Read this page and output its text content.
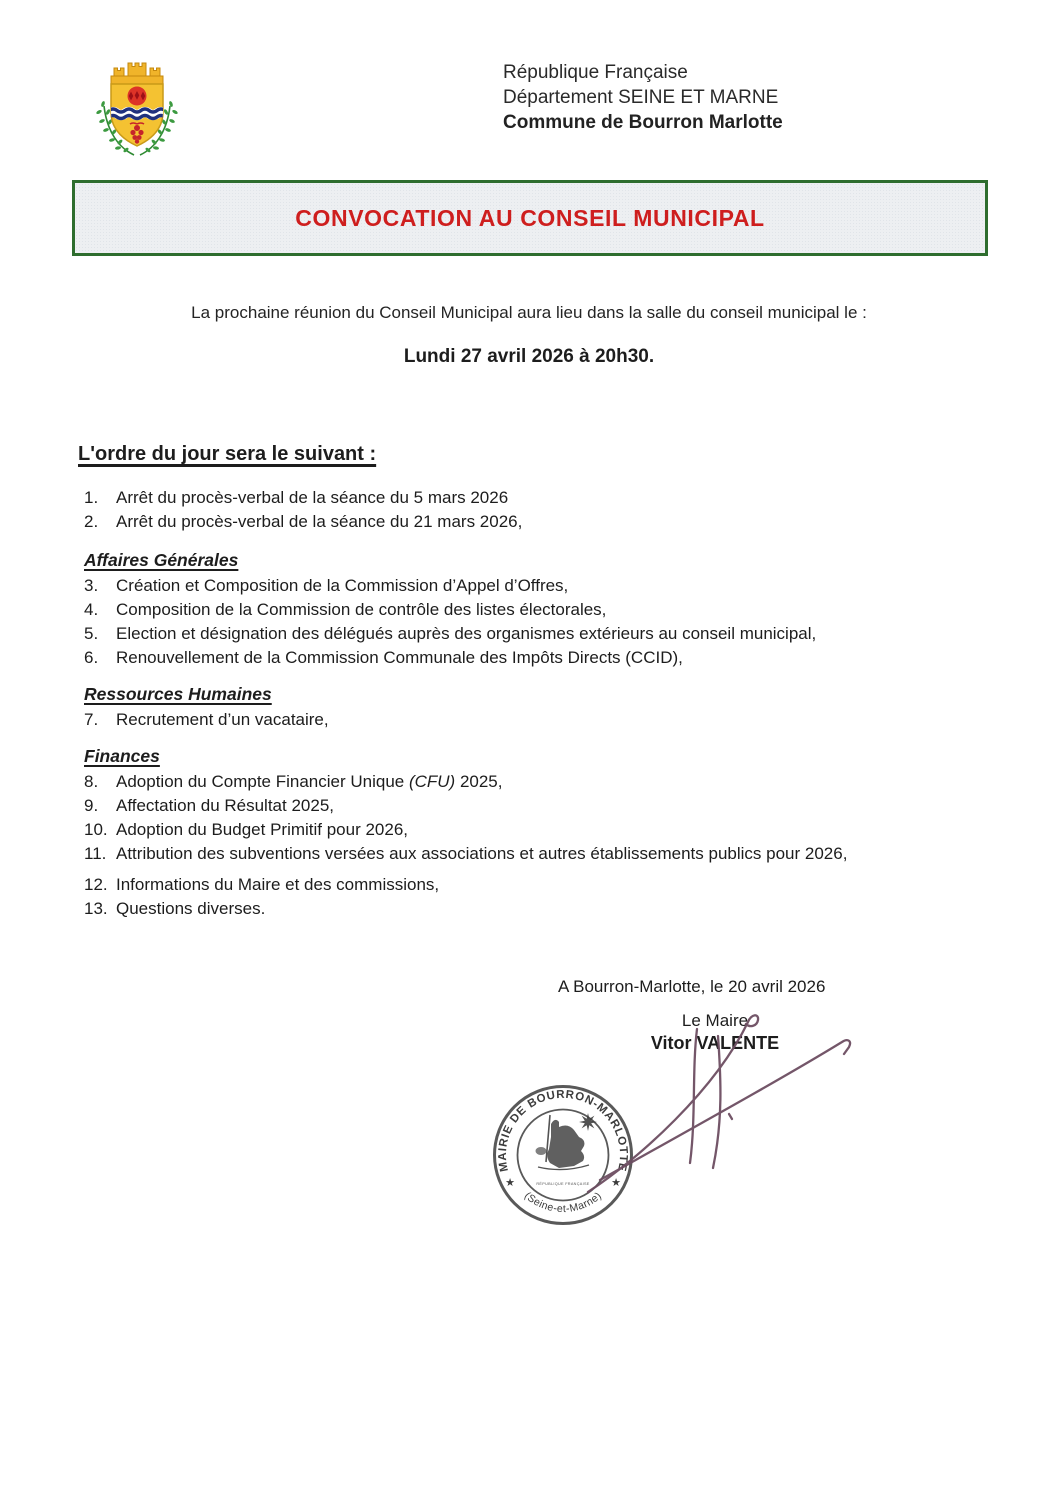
République Française
Département SEINE ET MARNE
Commune de Bourron Marlotte
CONVOCATION AU CONSEIL MUNICIPAL
La prochaine réunion du Conseil Municipal aura lieu dans la salle du conseil municipal le :
Lundi 27 avril 2026 à 20h30.
L'ordre du jour sera le suivant :
1.	Arrêt du procès-verbal de la séance du 5 mars 2026
2.	Arrêt du procès-verbal de la séance du 21 mars 2026,
Affaires Générales
3.	Création et Composition de la Commission d’Appel d’Offres,
4.	Composition de la Commission de contrôle des listes électorales,
5.	Election et désignation des délégués auprès des organismes extérieurs au conseil municipal,
6.	Renouvellement de la Commission Communale des Impôts Directs (CCID),
Ressources Humaines
7.	Recrutement d’un vacataire,
Finances
8.	Adoption du Compte Financier Unique (CFU) 2025,
9.	Affectation du Résultat 2025,
10. Adoption du Budget Primitif pour 2026,
11. Attribution des subventions versées aux associations et autres établissements publics pour 2026,
12. Informations du Maire et des commissions,
13. Questions diverses.
A Bourron-Marlotte, le 20 avril 2026
Le Maire
Vitor VALENTE
MAIRIE DE BOURRON-MARLOTTE
(Seine-et-Marne)
★	★
RÉPUBLIQUE FRANÇAISE
